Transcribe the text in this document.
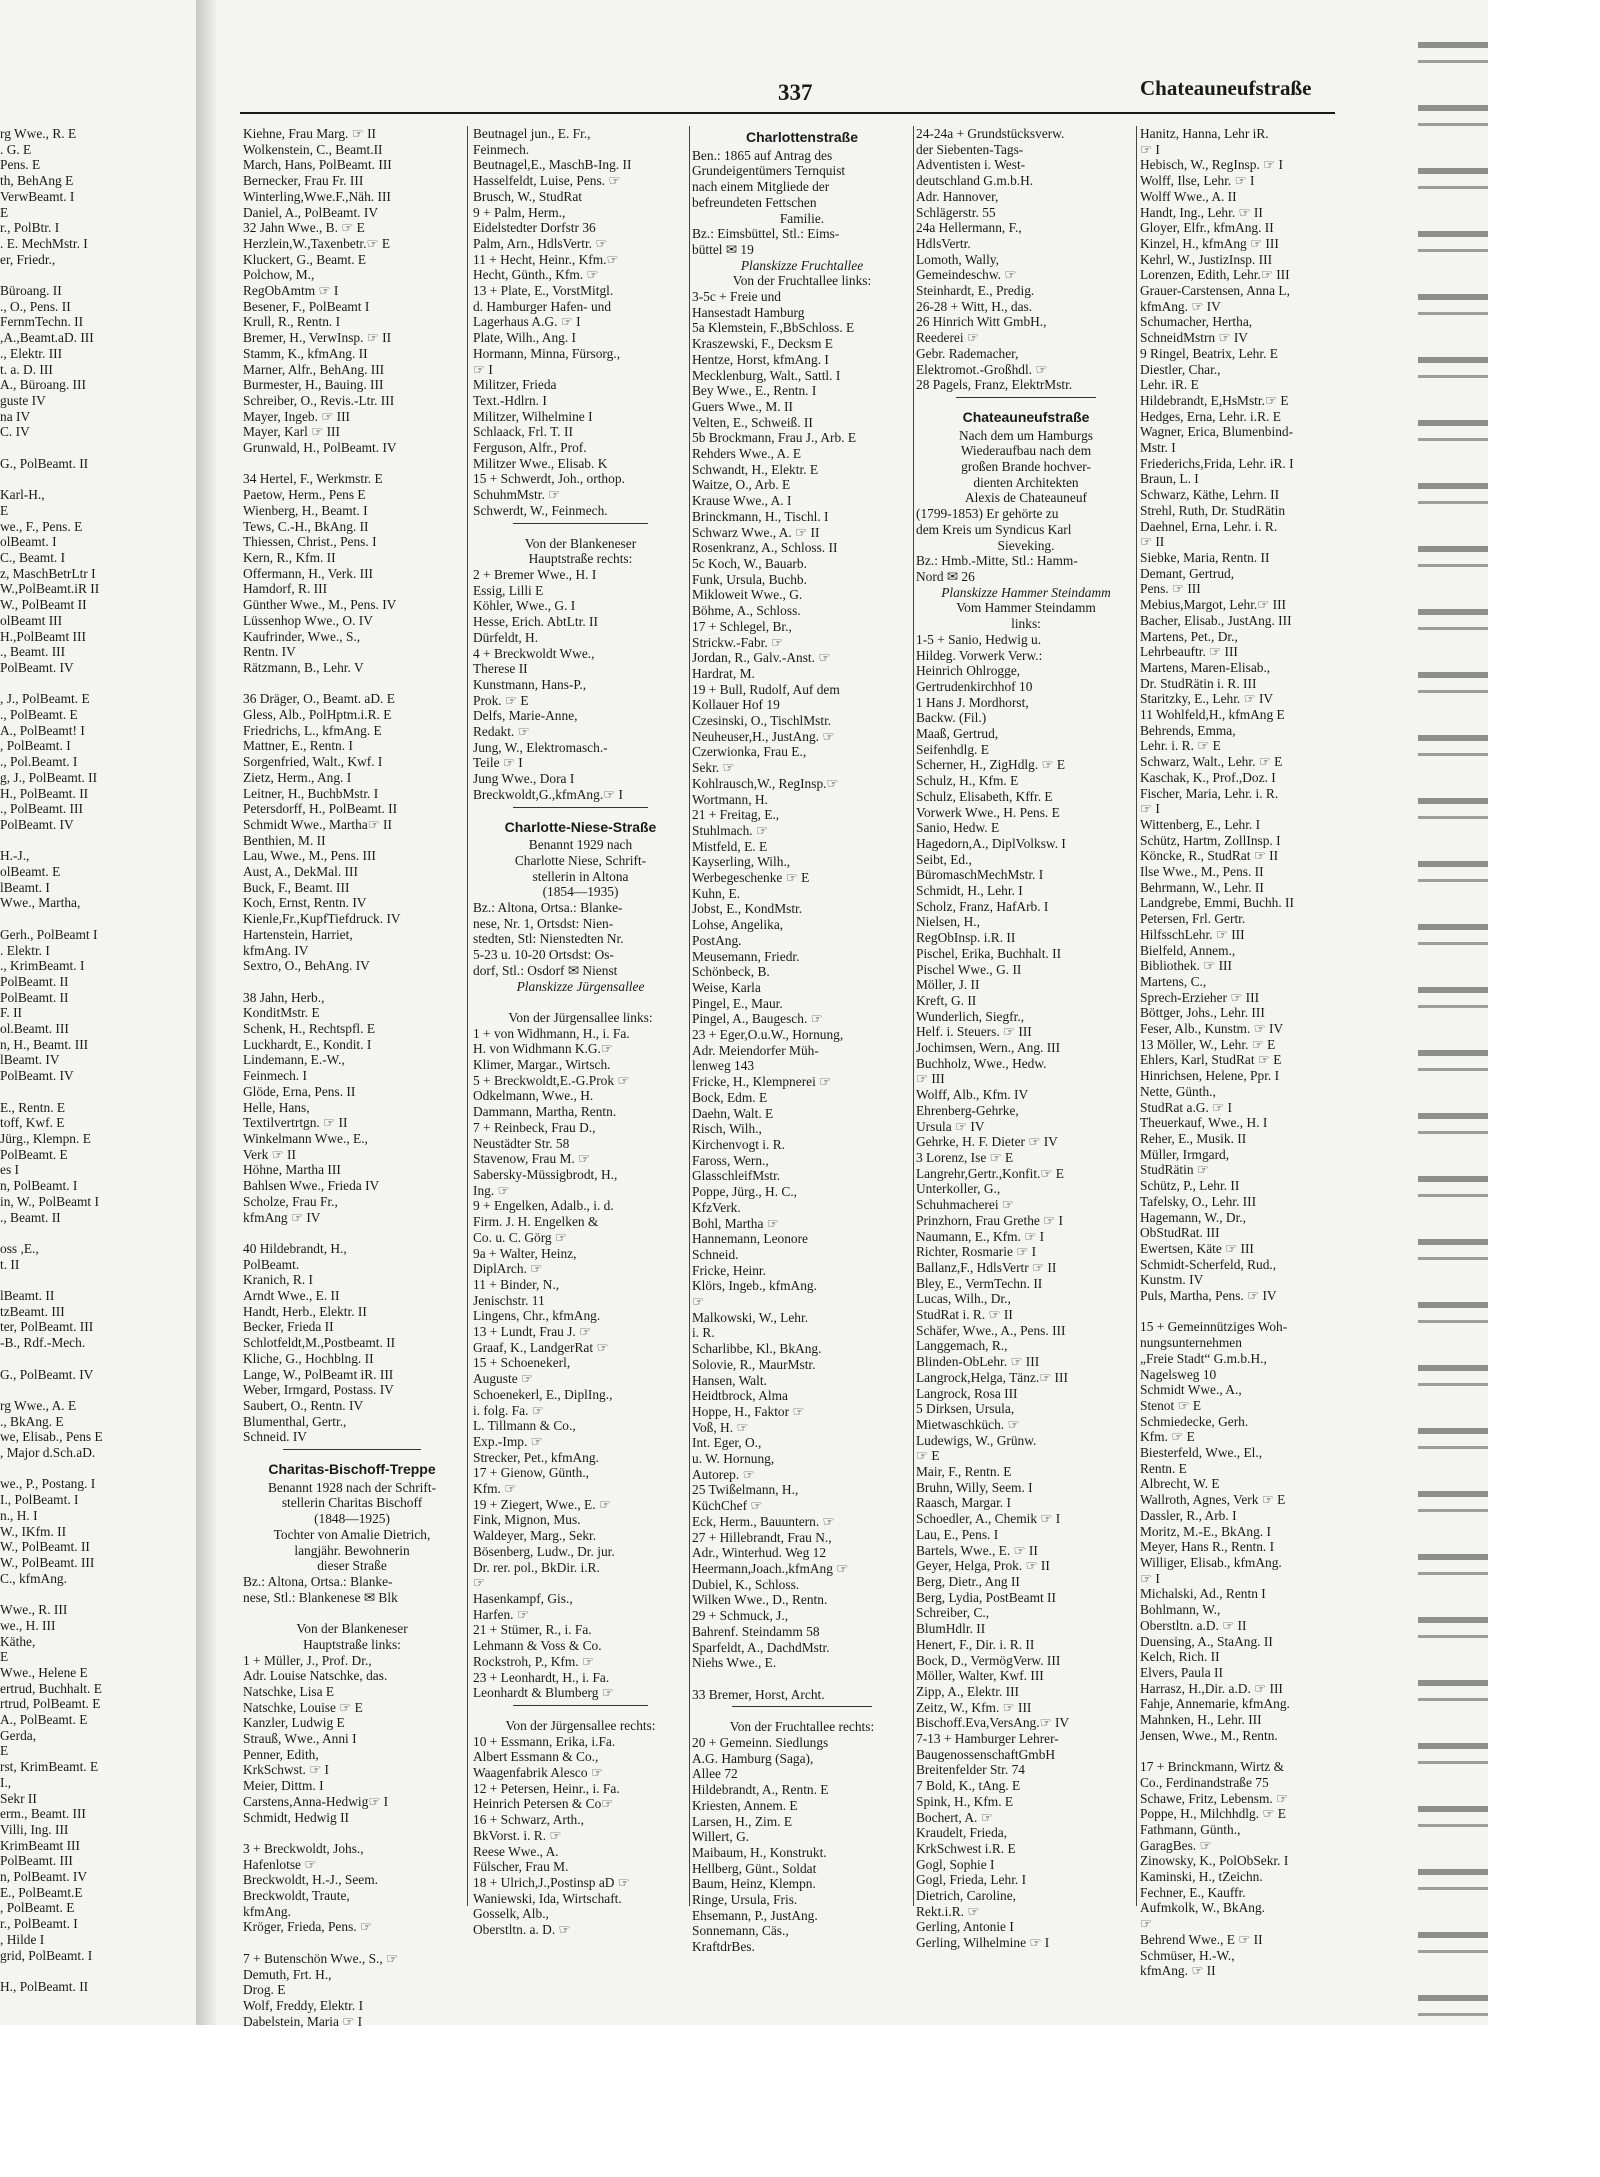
337	Chateauneufstraße
rg Wwe., R. E
. G. E
Pens. E
th, BehAng E
VerwBeamt. I
E
r., PolBtr. I
. E. MechMstr. I
er, Friedr.,

Büroang. II
., O., Pens. II
FernmTechn. II
,A.,Beamt.aD. III
., Elektr. III
t. a. D. III
A., Büroang. III
guste IV
na IV
C. IV

G., PolBeamt. II

Karl-H.,
E
we., F., Pens. E
olBeamt. I
C., Beamt. I
z, MaschBetrLtr I
W.,PolBeamt.iR II
W., PolBeamt II
olBeamt III
H.,PolBeamt III
., Beamt. III
PolBeamt. IV

, J., PolBeamt. E
., PolBeamt. E
A., PolBeamt! I
, PolBeamt. I
., Pol.Beamt. I
g, J., PolBeamt. II
H., PolBeamt. II
., PolBeamt. III
PolBeamt. IV

H.-J.,
olBeamt. E
lBeamt. I
Wwe., Martha,

Gerh., PolBeamt I
. Elektr. I
., KrimBeamt. I
PolBeamt. II
PolBeamt. II
F. II
ol.Beamt. III
n, H., Beamt. III
lBeamt. IV
PolBeamt. IV

E., Rentn. E
toff, Kwf. E
Jürg., Klempn. E
PolBeamt. E
es I
n, PolBeamt. I
in, W., PolBeamt I
., Beamt. II

oss ,E.,
t. II

lBeamt. II
tzBeamt. III
ter, PolBeamt. III
-B., Rdf.-Mech.

G., PolBeamt. IV

rg Wwe., A. E
., BkAng. E
we, Elisab., Pens E
, Major d.Sch.aD.

we., P., Postang. I
I., PolBeamt. I
n., H. I
W., IKfm. II
W., PolBeamt. II
W., PolBeamt. III
C., kfmAng.

Wwe., R. III
we., H. III
Käthe,
E
Wwe., Helene E
ertrud, Buchhalt. E
rtrud, PolBeamt. E
A., PolBeamt. E
Gerda,
E
rst, KrimBeamt. E
I.,
Sekr II
erm., Beamt. III
Villi, Ing. III
KrimBeamt III
PolBeamt. III
n, PolBeamt. IV
E., PolBeamt.E
, PolBeamt. E
r., PolBeamt. I
, Hilde I
grid, PolBeamt. I

H., PolBeamt. II
Kiehne, Frau Marg. ☞ II
Wolkenstein, C., Beamt.II
March, Hans, PolBeamt. III
Bernecker, Frau Fr. III
Winterling,Wwe.F.,Näh. III
Daniel, A., PolBeamt. IV
32 Jahn Wwe., B. ☞ E
Herzlein,W.,Taxenbetr.☞ E
Kluckert, G., Beamt. E
Polchow, M.,
RegObAmtm ☞ I
Besener, F., PolBeamt I
Krull, R., Rentn. I
Bremer, H., VerwInsp. ☞ II
Stamm, K., kfmAng. II
Marner, Alfr., BehAng. III
Burmester, H., Bauing. III
Schreiber, O., Revis.-Ltr. III
Mayer, Ingeb. ☞ III
Mayer, Karl ☞ III
Grunwald, H., PolBeamt. IV

34 Hertel, F., Werkmstr. E
Paetow, Herm., Pens E
Wienberg, H., Beamt. I
Tews, C.-H., BkAng. II
Thiessen, Christ., Pens. I
Kern, R., Kfm. II
Offermann, H., Verk. III
Hamdorf, R. III
Günther Wwe., M., Pens. IV
Lüssenhop Wwe., O. IV
Kaufrinder, Wwe., S.,
Rentn. IV
Rätzmann, B., Lehr. V

36 Dräger, O., Beamt. aD. E
Gless, Alb., PolHptm.i.R. E
Friedrichs, L., kfmAng. E
Mattner, E., Rentn. I
Sorgenfried, Walt., Kwf. I
Zietz, Herm., Ang. I
Leitner, H., BuchbMstr. I
Petersdorff, H., PolBeamt. II
Schmidt Wwe., Martha☞ II
Benthien, M. II
Lau, Wwe., M., Pens. III
Aust, A., DekMal. III
Buck, F., Beamt. III
Koch, Ernst, Rentn. IV
Kienle,Fr.,KupfTiefdruck. IV
Hartenstein, Harriet,
kfmAng. IV
Sextro, O., BehAng. IV

38 Jahn, Herb.,
KonditMstr. E
Schenk, H., Rechtspfl. E
Luckhardt, E., Kondit. I
Lindemann, E.-W.,
Feinmech. I
Glöde, Erna, Pens. II
Helle, Hans,
Textilvertrtgn. ☞ II
Winkelmann Wwe., E.,
Verk ☞ II
Höhne, Martha III
Bahlsen Wwe., Frieda IV
Scholze, Frau Fr.,
kfmAng ☞ IV

40 Hildebrandt, H.,
PolBeamt.
Kranich, R. I
Arndt Wwe., E. II
Handt, Herb., Elektr. II
Becker, Frieda II
Schlotfeldt,M.,Postbeamt. II
Kliche, G., Hochblng. II
Lange, W., PolBeamt iR. III
Weber, Irmgard, Postass. IV
Saubert, O., Rentn. IV
Blumenthal, Gertr.,
Schneid. IV

Charitas-Bischoff-Treppe
Benannt 1928 nach der Schrift-
stellerin Charitas Bischoff
(1848—1925)
Tochter von Amalie Dietrich,
langjähr. Bewohnerin
dieser Straße
Bz.: Altona, Ortsa.: Blanke-
nese, Stl.: Blankenese ✉ Blk

Von der Blankeneser
Hauptstraße links:
1 + Müller, J., Prof. Dr.,
Adr. Louise Natschke, das.
Natschke, Lisa E
Natschke, Louise ☞ E
Kanzler, Ludwig E
Strauß, Wwe., Anni I
Penner, Edith,
KrkSchwst. ☞ I
Meier, Dittm. I
Carstens,Anna-Hedwig☞ I
Schmidt, Hedwig II

3 + Breckwoldt, Johs.,
Hafenlotse ☞
Breckwoldt, H.-J., Seem.
Breckwoldt, Traute,
kfmAng.
Kröger, Frieda, Pens. ☞

7 + Butenschön Wwe., S., ☞
Demuth, Frt. H.,
Drog. E
Wolf, Freddy, Elektr. I
Dabelstein, Maria ☞ I
Beutnagel jun., E. Fr.,
Feinmech.
Beutnagel,E., MaschB-Ing. II
Hasselfeldt, Luise, Pens. ☞
Brusch, W., StudRat
9 + Palm, Herm.,
Eidelstedter Dorfstr 36
Palm, Arn., HdlsVertr. ☞
11 + Hecht, Heinr., Kfm.☞
Hecht, Günth., Kfm. ☞
13 + Plate, E., VorstMitgl.
d. Hamburger Hafen- und
Lagerhaus A.G. ☞ I
Plate, Wilh., Ang. I
Hormann, Minna, Fürsorg.,
☞ I
Militzer, Frieda
Text.-Hdlrn. I
Militzer, Wilhelmine I
Schlaack, Frl. T. II
Ferguson, Alfr., Prof.
Militzer Wwe., Elisab. K
15 + Schwerdt, Joh., orthop.
SchuhmMstr. ☞
Schwerdt, W., Feinmech.

Von der Blankeneser
Hauptstraße rechts:
2 + Bremer Wwe., H. I
Essig, Lilli E
Köhler, Wwe., G. I
Hesse, Erich. AbtLtr. II
Dürfeldt, H.
4 + Breckwoldt Wwe.,
Therese II
Kunstmann, Hans-P.,
Prok. ☞ E
Delfs, Marie-Anne,
Redakt. ☞
Jung, W., Elektromasch.-
Teile ☞ I
Jung Wwe., Dora I
Breckwoldt,G.,kfmAng.☞ I

Charlotte-Niese-Straße
Benannt 1929 nach
Charlotte Niese, Schrift-
stellerin in Altona
(1854—1935)
Bz.: Altona, Ortsa.: Blanke-
nese, Nr. 1, Ortsdst: Nien-
stedten, Stl: Nienstedten Nr.
5-23 u. 10-20 Ortsdst: Os-
dorf, Stl.: Osdorf ✉ Nienst
Planskizze Jürgensallee

Von der Jürgensallee links:
1 + von Widhmann, H., i. Fa.
H. von Widhmann K.G.☞
Klimer, Margar., Wirtsch.
5 + Breckwoldt,E.-G.Prok ☞
Odkelmann, Wwe., H.
Dammann, Martha, Rentn.
7 + Reinbeck, Frau D.,
Neustädter Str. 58
Stavenow, Frau M. ☞
Sabersky-Müssigbrodt, H.,
Ing. ☞
9 + Engelken, Adalb., i. d.
Firm. J. H. Engelken &
Co. u. C. Görg ☞
9a + Walter, Heinz,
DiplArch. ☞
11 + Binder, N.,
Jenischstr. 11
Lingens, Chr., kfmAng.
13 + Lundt, Frau J. ☞
Graaf, K., LandgerRat ☞
15 + Schoenekerl,
Auguste ☞
Schoenekerl, E., DiplIng.,
i. folg. Fa. ☞
L. Tillmann & Co.,
Exp.-Imp. ☞
Strecker, Pet., kfmAng.
17 + Gienow, Günth.,
Kfm. ☞
19 + Ziegert, Wwe., E. ☞
Fink, Mignon, Mus.
Waldeyer, Marg., Sekr.
Bösenberg, Ludw., Dr. jur.
Dr. rer. pol., BkDir. i.R.
☞
Hasenkampf, Gis.,
Harfen. ☞
21 + Stümer, R., i. Fa.
Lehmann & Voss & Co.
Rockstroh, P., Kfm. ☞
23 + Leonhardt, H., i. Fa.
Leonhardt & Blumberg ☞

Von der Jürgensallee rechts:
10 + Essmann, Erika, i.Fa.
Albert Essmann & Co.,
Waagenfabrik Alesco ☞
12 + Petersen, Heinr., i. Fa.
Heinrich Petersen & Co☞
16 + Schwarz, Arth.,
BkVorst. i. R. ☞
Reese Wwe., A.
Fülscher, Frau M.
18 + Ulrich,J.,Postinsp aD ☞
Waniewski, Ida, Wirtschaft.
Gosselk, Alb.,
Oberstltn. a. D. ☞
Charlottenstraße
Ben.: 1865 auf Antrag des
Grundeigentümers Ternquist
nach einem Mitgliede der
befreundeten Fettschen
Familie.
Bz.: Eimsbüttel, Stl.: Eims-
büttel ✉ 19
Planskizze Fruchtallee
Von der Fruchtallee links:
3-5c + Freie und
Hansestadt Hamburg
5a Klemstein, F.,BbSchloss. E
Kraszewski, F., Decksm E
Hentze, Horst, kfmAng. I
Mecklenburg, Walt., Sattl. I
Bey Wwe., E., Rentn. I
Guers Wwe., M. II
Velten, E., Schweiß. II
5b Brockmann, Frau J., Arb. E
Rehders Wwe., A. E
Schwandt, H., Elektr. E
Waitze, O., Arb. E
Krause Wwe., A. I
Brinckmann, H., Tischl. I
Schwarz Wwe., A. ☞ II
Rosenkranz, A., Schloss. II
5c Koch, W., Bauarb.
Funk, Ursula, Buchb.
Mikloweit Wwe., G.
Böhme, A., Schloss.
17 + Schlegel, Br.,
Strickw.-Fabr. ☞
Jordan, R., Galv.-Anst. ☞
Hardrat, M.
19 + Bull, Rudolf, Auf dem
Kollauer Hof 19
Czesinski, O., TischlMstr.
Neuheuser,H., JustAng. ☞
Czerwionka, Frau E.,
Sekr. ☞
Kohlrausch,W., RegInsp.☞
Wortmann, H.
21 + Freitag, E.,
Stuhlmach. ☞
Mistfeld, E. E
Kayserling, Wilh.,
Werbegeschenke ☞ E
Kuhn, E.
Jobst, E., KondMstr.
Lohse, Angelika,
PostAng.
Meusemann, Friedr.
Schönbeck, B.
Weise, Karla
Pingel, E., Maur.
Pingel, A., Baugesch. ☞
23 + Eger,O.u.W., Hornung,
Adr. Meiendorfer Müh-
lenweg 143
Fricke, H., Klempnerei ☞
Bock, Edm. E
Daehn, Walt. E
Risch, Wilh.,
Kirchenvogt i. R.
Faross, Wern.,
GlasschleifMstr.
Poppe, Jürg., H. C.,
KfzVerk.
Bohl, Martha ☞
Hannemann, Leonore
Schneid.
Fricke, Heinr.
Klörs, Ingeb., kfmAng.
☞
Malkowski, W., Lehr.
i. R.
Scharlibbe, Kl., BkAng.
Solovie, R., MaurMstr.
Hansen, Walt.
Heidtbrock, Alma
Hoppe, H., Faktor ☞
Voß, H. ☞
Int. Eger, O.,
u. W. Hornung,
Autorep. ☞
25 Twißelmann, H.,
KüchChef ☞
Eck, Herm., Bauuntern. ☞
27 + Hillebrandt, Frau N.,
Adr., Winterhud. Weg 12
Heermann,Joach.,kfmAng ☞
Dubiel, K., Schloss.
Wilken Wwe., D., Rentn.
29 + Schmuck, J.,
Bahrenf. Steindamm 58
Sparfeldt, A., DachdMstr.
Niehs Wwe., E.

33 Bremer, Horst, Archt.

Von der Fruchtallee rechts:
20 + Gemeinn. Siedlungs
A.G. Hamburg (Saga),
Allee 72
Hildebrandt, A., Rentn. E
Kriesten, Annem. E
Larsen, H., Zim. E
Willert, G.
Maibaum, H., Konstrukt.
Hellberg, Günt., Soldat
Baum, Heinz, Klempn.
Ringe, Ursula, Fris.
Ehsemann, P., JustAng.
Sonnemann, Cäs.,
KraftdrBes.
24-24a + Grundstücksverw.
der Siebenten-Tags-
Adventisten i. West-
deutschland G.m.b.H.
Adr. Hannover,
Schlägerstr. 55
24a Hellermann, F.,
HdlsVertr.
Lomoth, Wally,
Gemeindeschw. ☞
Steinhardt, E., Predig.
26-28 + Witt, H., das.
26 Hinrich Witt GmbH.,
Reederei ☞
Gebr. Rademacher,
Elektromot.-Großhdl. ☞
28 Pagels, Franz, ElektrMstr.

Chateauneufstraße
Nach dem um Hamburgs
Wiederaufbau nach dem
großen Brande hochver-
dienten Architekten
Alexis de Chateauneuf
(1799-1853) Er gehörte zu
dem Kreis um Syndicus Karl
Sieveking.
Bz.: Hmb.-Mitte, Stl.: Hamm-
Nord ✉ 26
Planskizze Hammer Steindamm
Vom Hammer Steindamm
links:
1-5 + Sanio, Hedwig u.
Hildeg. Vorwerk Verw.:
Heinrich Ohlrogge,
Gertrudenkirchhof 10
1 Hans J. Mordhorst,
Backw. (Fil.)
Maaß, Gertrud,
Seifenhdlg. E
Scherner, H., ZigHdlg. ☞ E
Schulz, H., Kfm. E
Schulz, Elisabeth, Kffr. E
Vorwerk Wwe., H. Pens. E
Sanio, Hedw. E
Hagedorn,A., DiplVolksw. I
Seibt, Ed.,
BüromaschMechMstr. I
Schmidt, H., Lehr. I
Scholz, Franz, HafArb. I
Nielsen, H.,
RegObInsp. i.R. II
Pischel, Erika, Buchhalt. II
Pischel Wwe., G. II
Möller, J. II
Kreft, G. II
Wunderlich, Siegfr.,
Helf. i. Steuers. ☞ III
Jochimsen, Wern., Ang. III
Buchholz, Wwe., Hedw.
☞ III
Wolff, Alb., Kfm. IV
Ehrenberg-Gehrke,
Ursula ☞ IV
Gehrke, H. F. Dieter ☞ IV
3 Lorenz, Ise ☞ E
Langrehr,Gertr.,Konfit.☞ E
Unterkoller, G.,
Schuhmacherei ☞
Prinzhorn, Frau Grethe ☞ I
Naumann, E., Kfm. ☞ I
Richter, Rosmarie ☞ I
Ballanz,F., HdlsVertr ☞ II
Bley, E., VermTechn. II
Lucas, Wilh., Dr.,
StudRat i. R. ☞ II
Schäfer, Wwe., A., Pens. III
Langgemach, R.,
Blinden-ObLehr. ☞ III
Langrock,Helga, Tänz.☞ III
Langrock, Rosa III
5 Dirksen, Ursula,
Mietwaschküch. ☞
Ludewigs, W., Grünw.
☞ E
Mair, F., Rentn. E
Bruhn, Willy, Seem. I
Raasch, Margar. I
Schoedler, A., Chemik ☞ I
Lau, E., Pens. I
Bartels, Wwe., E. ☞ II
Geyer, Helga, Prok. ☞ II
Berg, Dietr., Ang II
Berg, Lydia, PostBeamt II
Schreiber, C.,
BlumHdlr. II
Henert, F., Dir. i. R. II
Bock, D., VermögVerw. III
Möller, Walter, Kwf. III
Zipp, A., Elektr. III
Zeitz, W., Kfm. ☞ III
Bischoff.Eva,VersAng.☞ IV
7-13 + Hamburger Lehrer-
BaugenossenschaftGmbH
Breitenfelder Str. 74
7 Bold, K., tAng. E
Spink, H., Kfm. E
Bochert, A. ☞
Kraudelt, Frieda,
KrkSchwest i.R. E
Gogl, Sophie I
Gogl, Frieda, Lehr. I
Dietrich, Caroline,
Rekt.i.R. ☞
Gerling, Antonie I
Gerling, Wilhelmine ☞ I
Hanitz, Hanna, Lehr iR.
☞ I
Hebisch, W., RegInsp. ☞ I
Wolff, Ilse, Lehr. ☞ I
Wolff Wwe., A. II
Handt, Ing., Lehr. ☞ II
Gloyer, Elfr., kfmAng. II
Kinzel, H., kfmAng ☞ III
Kehrl, W., JustizInsp. III
Lorenzen, Edith, Lehr.☞ III
Grauer-Carstensen, Anna L,
kfmAng. ☞ IV
Schumacher, Hertha,
SchneidMstrn ☞ IV
9 Ringel, Beatrix, Lehr. E
Diestler, Char.,
Lehr. iR. E
Hildebrandt, E,HsMstr.☞ E
Hedges, Erna, Lehr. i.R. E
Wagner, Erica, Blumenbind-
Mstr. I
Friederichs,Frida, Lehr. iR. I
Braun, L. I
Schwarz, Käthe, Lehrn. II
Strehl, Ruth, Dr. StudRätin
Daehnel, Erna, Lehr. i. R.
☞ II
Siebke, Maria, Rentn. II
Demant, Gertrud,
Pens. ☞ III
Mebius,Margot, Lehr.☞ III
Bacher, Elisab., JustAng. III
Martens, Pet., Dr.,
Lehrbeauftr. ☞ III
Martens, Maren-Elisab.,
Dr. StudRätin i. R. III
Staritzky, E., Lehr. ☞ IV
11 Wohlfeld,H., kfmAng E
Behrends, Emma,
Lehr. i. R. ☞ E
Schwarz, Walt., Lehr. ☞ E
Kaschak, K., Prof.,Doz. I
Fischer, Maria, Lehr. i. R.
☞ I
Wittenberg, E., Lehr. I
Schütz, Hartm, ZollInsp. I
Köncke, R., StudRat ☞ II
Ilse Wwe., M., Pens. II
Behrmann, W., Lehr. II
Landgrebe, Emmi, Buchh. II
Petersen, Frl. Gertr.
HilfsschLehr. ☞ III
Bielfeld, Annem.,
Bibliothek. ☞ III
Martens, C.,
Sprech-Erzieher ☞ III
Böttger, Johs., Lehr. III
Feser, Alb., Kunstm. ☞ IV
13 Möller, W., Lehr. ☞ E
Ehlers, Karl, StudRat ☞ E
Hinrichsen, Helene, Ppr. I
Nette, Günth.,
StudRat a.G. ☞ I
Theuerkauf, Wwe., H. I
Reher, E., Musik. II
Müller, Irmgard,
StudRätin ☞
Schütz, P., Lehr. II
Tafelsky, O., Lehr. III
Hagemann, W., Dr.,
ObStudRat. III
Ewertsen, Käte ☞ III
Schmidt-Scherfeld, Rud.,
Kunstm. IV
Puls, Martha, Pens. ☞ IV

15 + Gemeinnütziges Woh-
nungsunternehmen
„Freie Stadt“ G.m.b.H.,
Nagelsweg 10
Schmidt Wwe., A.,
Stenot ☞ E
Schmiedecke, Gerh.
Kfm. ☞ E
Biesterfeld, Wwe., El.,
Rentn. E
Albrecht, W. E
Wallroth, Agnes, Verk ☞ E
Dassler, R., Arb. I
Moritz, M.-E., BkAng. I
Meyer, Hans R., Rentn. I
Williger, Elisab., kfmAng.
☞ I
Michalski, Ad., Rentn I
Bohlmann, W.,
Oberstltn. a.D. ☞ II
Duensing, A., StaAng. II
Kelch, Rich. II
Elvers, Paula II
Harrasz, H.,Dir. a.D. ☞ III
Fahje, Annemarie, kfmAng.
Mahnken, H., Lehr. III
Jensen, Wwe., M., Rentn.

17 + Brinckmann, Wirtz &
Co., Ferdinandstraße 75
Schawe, Fritz, Lebensm. ☞
Poppe, H., Milchhdlg. ☞ E
Fathmann, Günth.,
GaragBes. ☞
Zinowsky, K., PolObSekr. I
Kaminski, H., tZeichn.
Fechner, E., Kauffr.
Aufmkolk, W., BkAng.
☞
Behrend Wwe., E ☞ II
Schmüser, H.-W.,
kfmAng. ☞ II
